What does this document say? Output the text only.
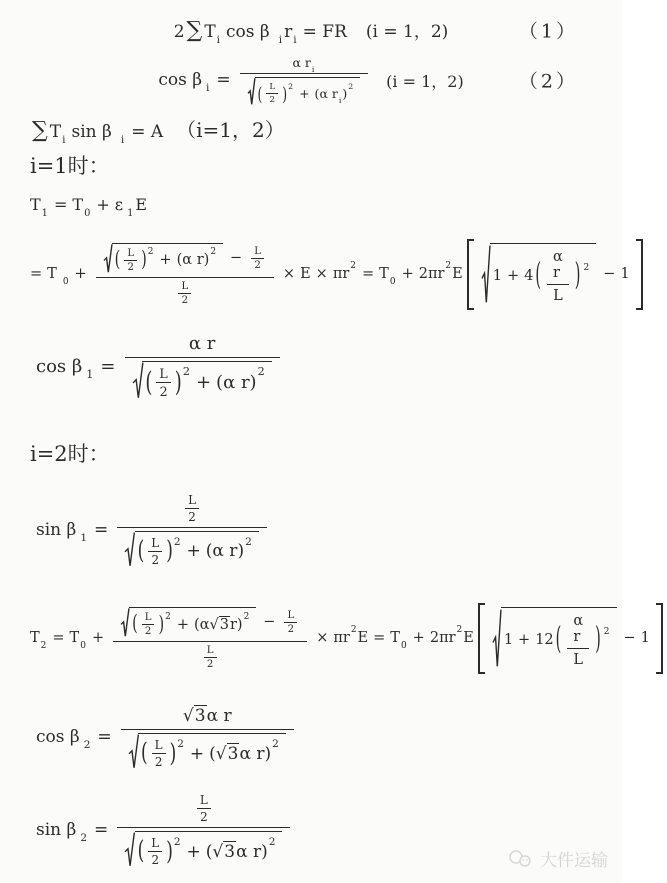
2∑ $T_i$ cos β $_i$ $r_i$ = FR (i = 1，2)	（1）
cos β $_i = \frac{\alpha r_i}{( \frac{L}{2} )^2 + (\alpha r_i)^2}$	(i = 1，2)	（2）
∑ $T_i$ sin β $_i$ = A （i=1，2）
i=1时：
$T_1 = T_0 + \varepsilon$ $_1$ E
= T $_0$ +
( $\frac{L}{2} )^2 + (\alpha$ $r)^2 - \frac{L}{2}$
$\frac{L}{2}$
× $E \times \pi r^2 = T_0 + 2\pi r^2E$ 1 + 4 ( $\frac{\text{α r}}{L}$ ) $^2$ − 1
cos β $_1 = \frac{\text{α r}}{( \frac{L}{2} )^2 + (\alpha r)^2}$
i=2时：
sin β $_1 = \frac{\frac{L}{2}}{( \frac{L}{2} )^2 + (\alpha r)^2}$
$T_2 = T_0$ +
( $\frac{L}{2} )^2 + (\alpha√3r)^2 - \frac{L}{2}$
$\frac{L}{2}$
× $\pi r^2E = T_0 + 2\pi r^2E$ 1 + 12 ( $\frac{\text{α r}}{L}$ ) $^2$ − 1
cos β $_2 = \frac{\text{√3α r}}{( \frac{L}{2} )^2 + (√3\alpha r)^2}$
sin β $_2 = \frac{\frac{L}{2}}{( \frac{L}{2} )^2 + (√3\alpha r)^2}$	大件运输
